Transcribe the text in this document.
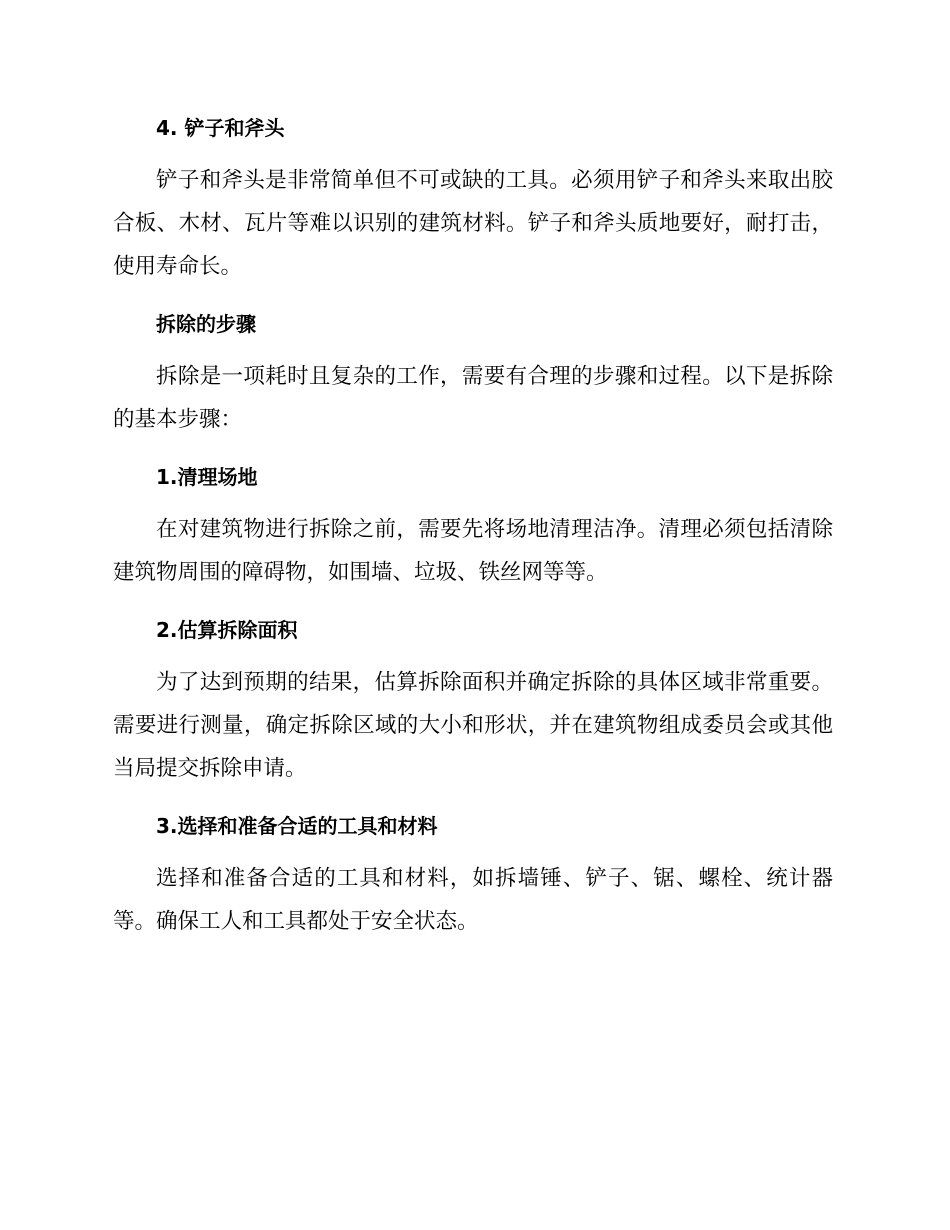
4. 铲子和斧头

铲子和斧头是非常简单但不可或缺的工具。必须用铲子和斧头来取出胶合板、木材、瓦片等难以识别的建筑材料。铲子和斧头质地要好，耐打击，使用寿命长。

拆除的步骤

拆除是一项耗时且复杂的工作，需要有合理的步骤和过程。以下是拆除的基本步骤：

1.清理场地

在对建筑物进行拆除之前，需要先将场地清理洁净。清理必须包括清除建筑物周围的障碍物，如围墙、垃圾、铁丝网等等。

2.估算拆除面积

为了达到预期的结果，估算拆除面积并确定拆除的具体区域非常重要。需要进行测量，确定拆除区域的大小和形状，并在建筑物组成委员会或其他当局提交拆除申请。

3.选择和准备合适的工具和材料

选择和准备合适的工具和材料，如拆墙锤、铲子、锯、螺栓、统计器等。确保工人和工具都处于安全状态。
